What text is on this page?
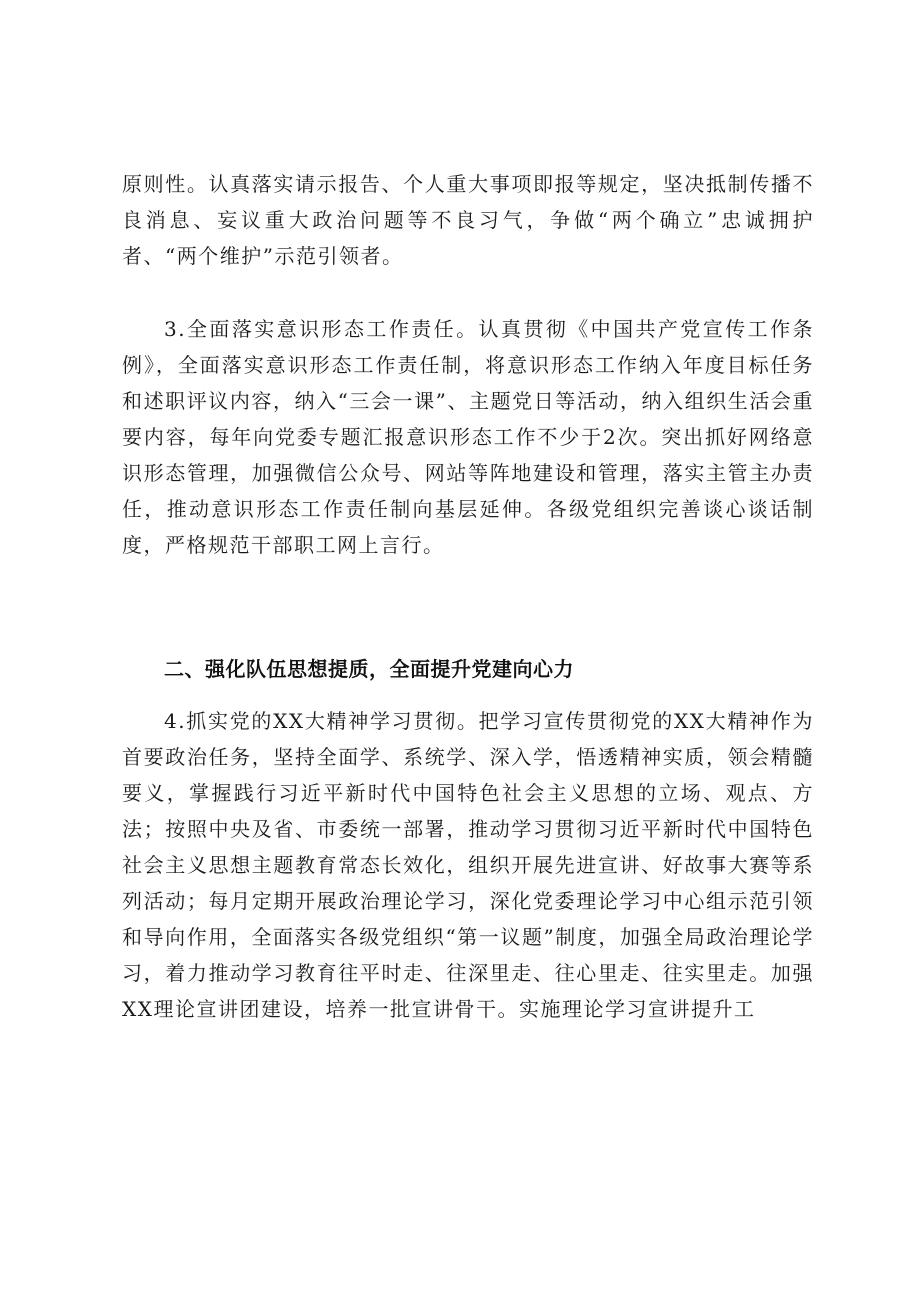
原则性。认真落实请示报告、个人重大事项即报等规定，坚决抵制传播不良消息、妄议重大政治问题等不良习气，争做“两个确立”忠诚拥护者、“两个维护”示范引领者。
3.全面落实意识形态工作责任。认真贯彻《中国共产党宣传工作条例》，全面落实意识形态工作责任制，将意识形态工作纳入年度目标任务和述职评议内容，纳入“三会一课”、主题党日等活动，纳入组织生活会重要内容，每年向党委专题汇报意识形态工作不少于2次。突出抓好网络意识形态管理，加强微信公众号、网站等阵地建设和管理，落实主管主办责任，推动意识形态工作责任制向基层延伸。各级党组织完善谈心谈话制度，严格规范干部职工网上言行。
二、强化队伍思想提质，全面提升党建向心力
4.抓实党的XX大精神学习贯彻。把学习宣传贯彻党的XX大精神作为首要政治任务，坚持全面学、系统学、深入学，悟透精神实质，领会精髓要义，掌握践行习近平新时代中国特色社会主义思想的立场、观点、方法；按照中央及省、市委统一部署，推动学习贯彻习近平新时代中国特色社会主义思想主题教育常态长效化，组织开展先进宣讲、好故事大赛等系列活动；每月定期开展政治理论学习，深化党委理论学习中心组示范引领和导向作用，全面落实各级党组织“第一议题”制度，加强全局政治理论学习，着力推动学习教育往平时走、往深里走、往心里走、往实里走。加强XX理论宣讲团建设，培养一批宣讲骨干。实施理论学习宣讲提升工
